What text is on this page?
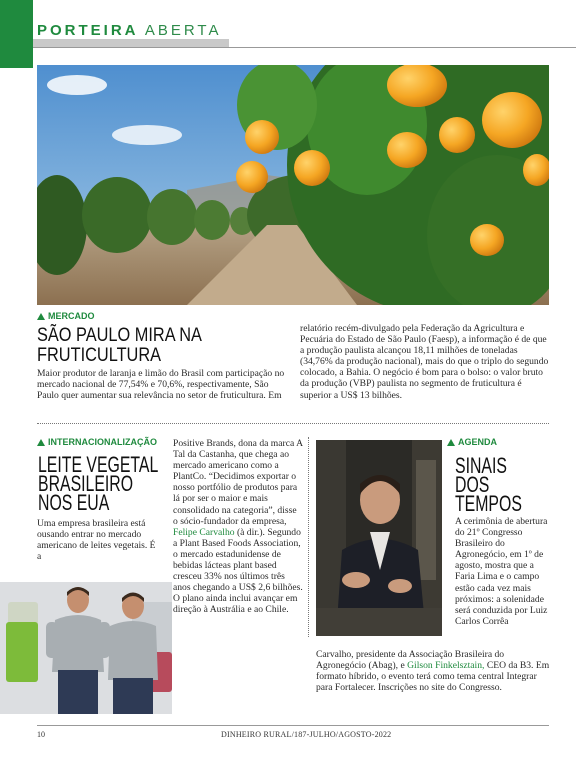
PORTEIRA ABERTA
MERCADO
SÃO PAULO MIRA NA
FRUTICULTURA
Maior produtor de laranja e limão do Brasil com participação no mercado nacional de 77,54% e 70,6%, respectivamente, São Paulo quer aumentar sua relevância no setor de fruticultura. Em
relatório recém-divulgado pela Federação da Agricultura e Pecuária do Estado de São Paulo (Faesp), a informação é de que a produção paulista alcançou 18,11 milhões de toneladas (34,76% da produção nacional), mais do que o triplo do segundo colocado, a Bahia. O negócio é bom para o bolso: o valor bruto da produção (VBP) paulista no segmento de fruticultura é superior a US$ 13 bilhões.
INTERNACIONALIZAÇÃO
LEITE VEGETAL
BRASILEIRO
NOS EUA
Uma empresa brasileira está ousando entrar no mercado americano de leites vegetais. É a
Positive Brands, dona da marca A Tal da Castanha, que chega ao mercado americano como a PlantCo. “Decidimos exportar o nosso portfólio de produtos para lá por ser o maior e mais consolidado na categoria”, disse o sócio-fundador da empresa, Felipe Carvalho (à dir.). Segundo a Plant Based Foods Association, o mercado estadunidense de bebidas lácteas plant based cresceu 33% nos últimos três anos chegando a US$ 2,6 bilhões. O plano ainda inclui avançar em direção à Austrália e ao Chile.
AGENDA
SINAIS
DOS
TEMPOS
A cerimônia de abertura do 21º Congresso Brasileiro do Agronegócio, em 1º de agosto, mostra que a Faria Lima e o campo estão cada vez mais próximos: a solenidade será conduzida por Luiz Carlos Corrêa
Carvalho, presidente da Associação Brasileira do Agronegócio (Abag), e Gilson Finkelsztain, CEO da B3. Em formato híbrido, o evento terá como tema central Integrar para Fortalecer. Inscrições no site do Congresso.
10	DINHEIRO RURAL/187-JULHO/AGOSTO-2022
